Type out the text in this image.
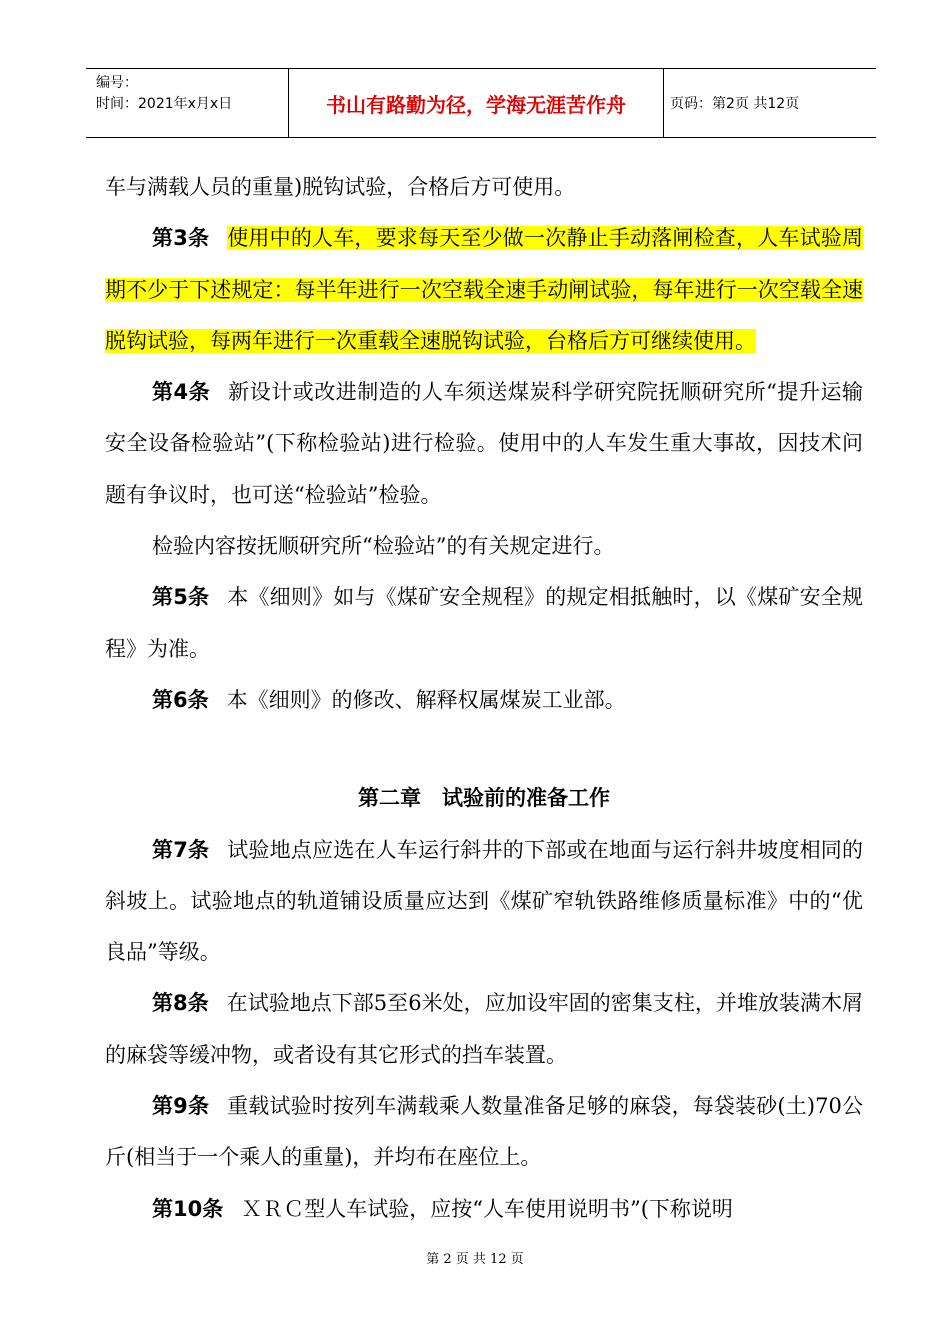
编号：
时间：2021年x月x日	书山有路勤为径，学海无涯苦作舟	页码：第2页 共12页

车与满载人员的重量)脱钩试验，合格后方可使用。

第3条 使用中的人车，要求每天至少做一次静止手动落闸检查，人车试验周期不少于下述规定：每半年进行一次空载全速手动闸试验，每年进行一次空载全速脱钩试验，每两年进行一次重载全速脱钩试验，台格后方可继续使用。

第4条 新设计或改进制造的人车须送煤炭科学研究院抚顺研究所“提升运输安全设备检验站”(下称检验站)进行检验。使用中的人车发生重大事故，因技术问题有争议时，也可送“检验站”检验。

检验内容按抚顺研究所“检验站”的有关规定进行。

第5条 本《细则》如与《煤矿安全规程》的规定相抵触时，以《煤矿安全规程》为准。

第6条 本《细则》的修改、解释权属煤炭工业部。

第二章　试验前的准备工作

第7条 试验地点应选在人车运行斜井的下部或在地面与运行斜井坡度相同的斜坡上。试验地点的轨道铺设质量应达到《煤矿窄轨铁路维修质量标准》中的“优良品”等级。

第8条 在试验地点下部5至6米处，应加设牢固的密集支柱，并堆放装满木屑的麻袋等缓冲物，或者设有其它形式的挡车装置。

第9条 重载试验时按列车满载乘人数量准备足够的麻袋，每袋装砂(土)70公斤(相当于一个乘人的重量)，并均布在座位上。

第10条 ＸＲＣ型人车试验，应按“人车使用说明书”(下称说明

第 2 页 共 12 页
